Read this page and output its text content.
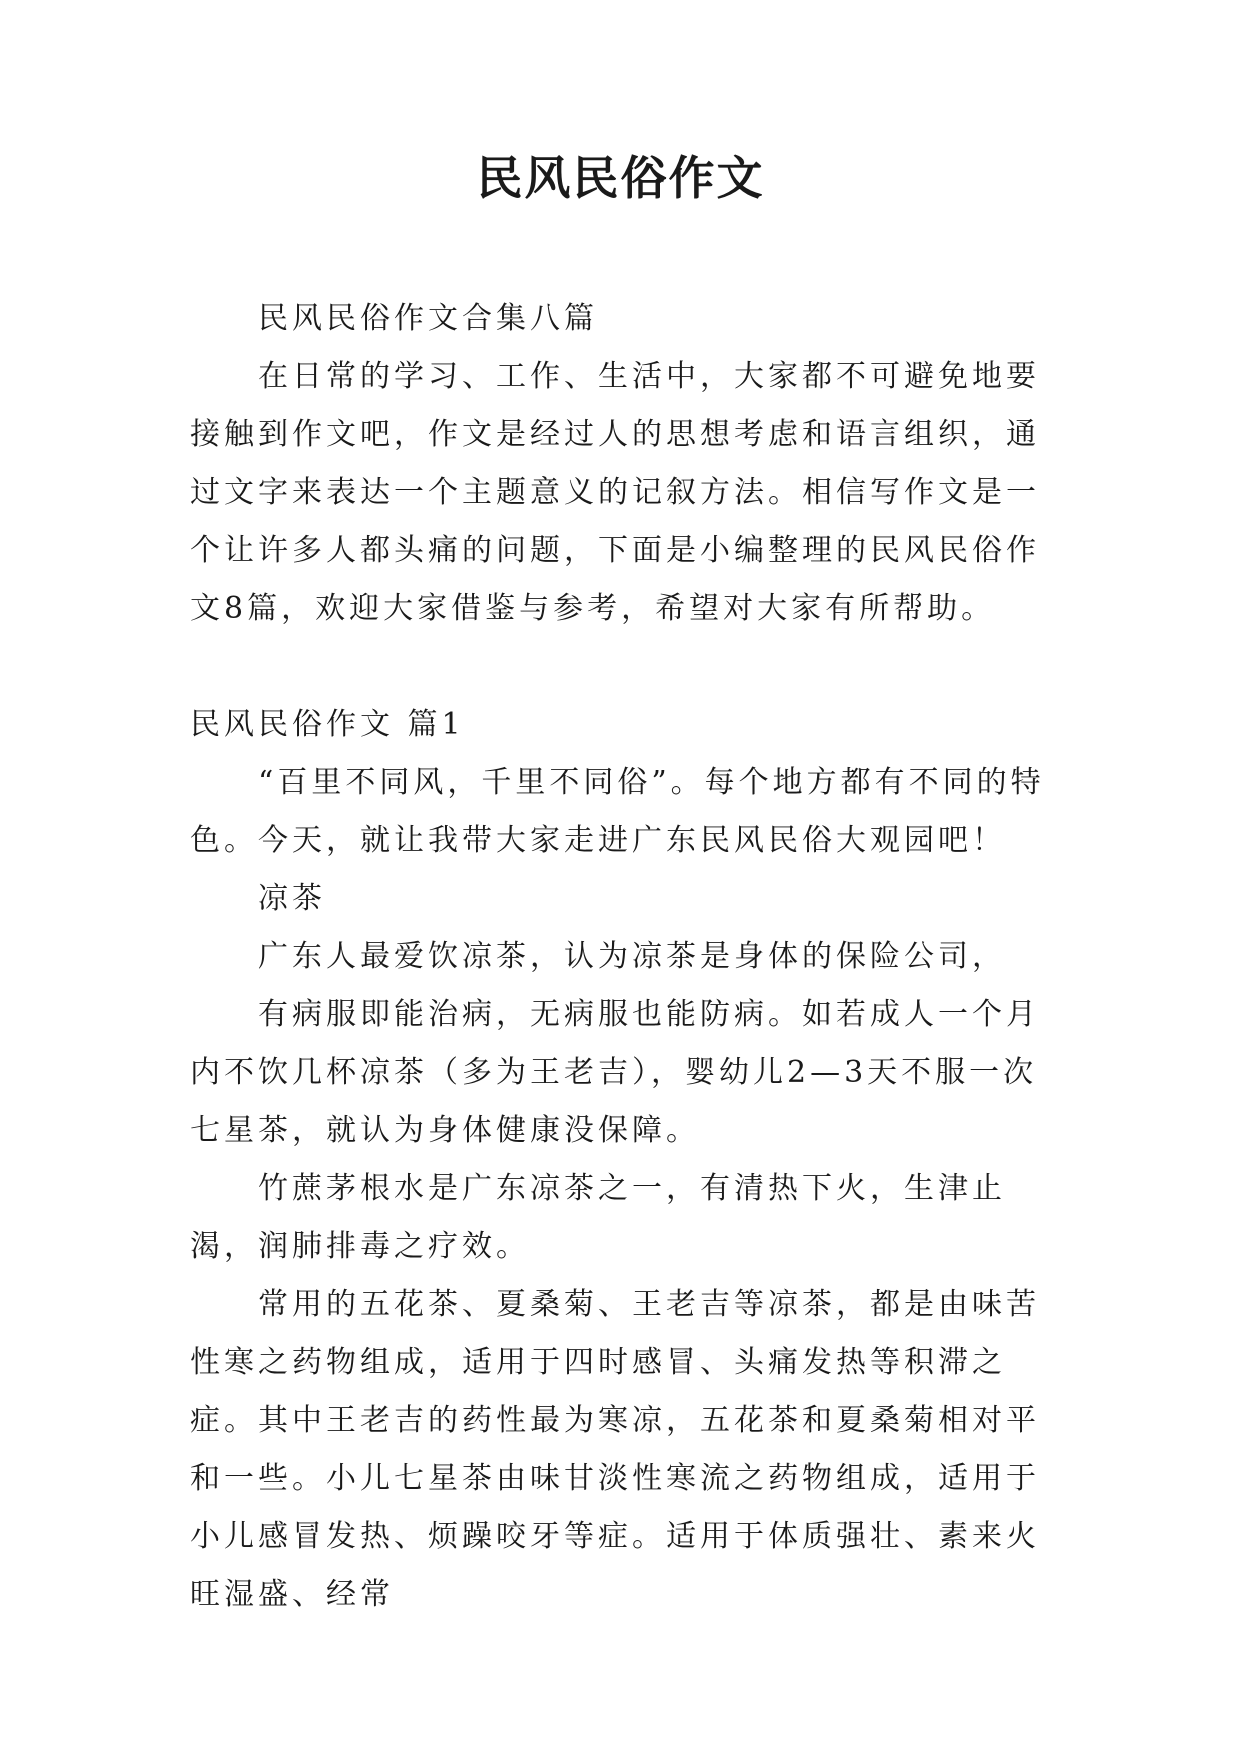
民风民俗作文

民风民俗作文合集八篇

在日常的学习、工作、生活中，大家都不可避免地要接触到作文吧，作文是经过人的思想考虑和语言组织，通过文字来表达一个主题意义的记叙方法。相信写作文是一个让许多人都头痛的问题，下面是小编整理的民风民俗作文8篇，欢迎大家借鉴与参考，希望对大家有所帮助。

民风民俗作文 篇1

“百里不同风，千里不同俗”。每个地方都有不同的特色。今天，就让我带大家走进广东民风民俗大观园吧！

凉茶

广东人最爱饮凉茶，认为凉茶是身体的保险公司，

有病服即能治病，无病服也能防病。如若成人一个月内不饮几杯凉茶（多为王老吉），婴幼儿2—3天不服一次七星茶，就认为身体健康没保障。

竹蔗茅根水是广东凉茶之一，有清热下火，生津止渴，润肺排毒之疗效。

常用的五花茶、夏桑菊、王老吉等凉茶，都是由味苦性寒之药物组成，适用于四时感冒、头痛发热等积滞之症。其中王老吉的药性最为寒凉，五花茶和夏桑菊相对平和一些。小儿七星茶由味甘淡性寒流之药物组成，适用于小儿感冒发热、烦躁咬牙等症。适用于体质强壮、素来火旺湿盛、经常
